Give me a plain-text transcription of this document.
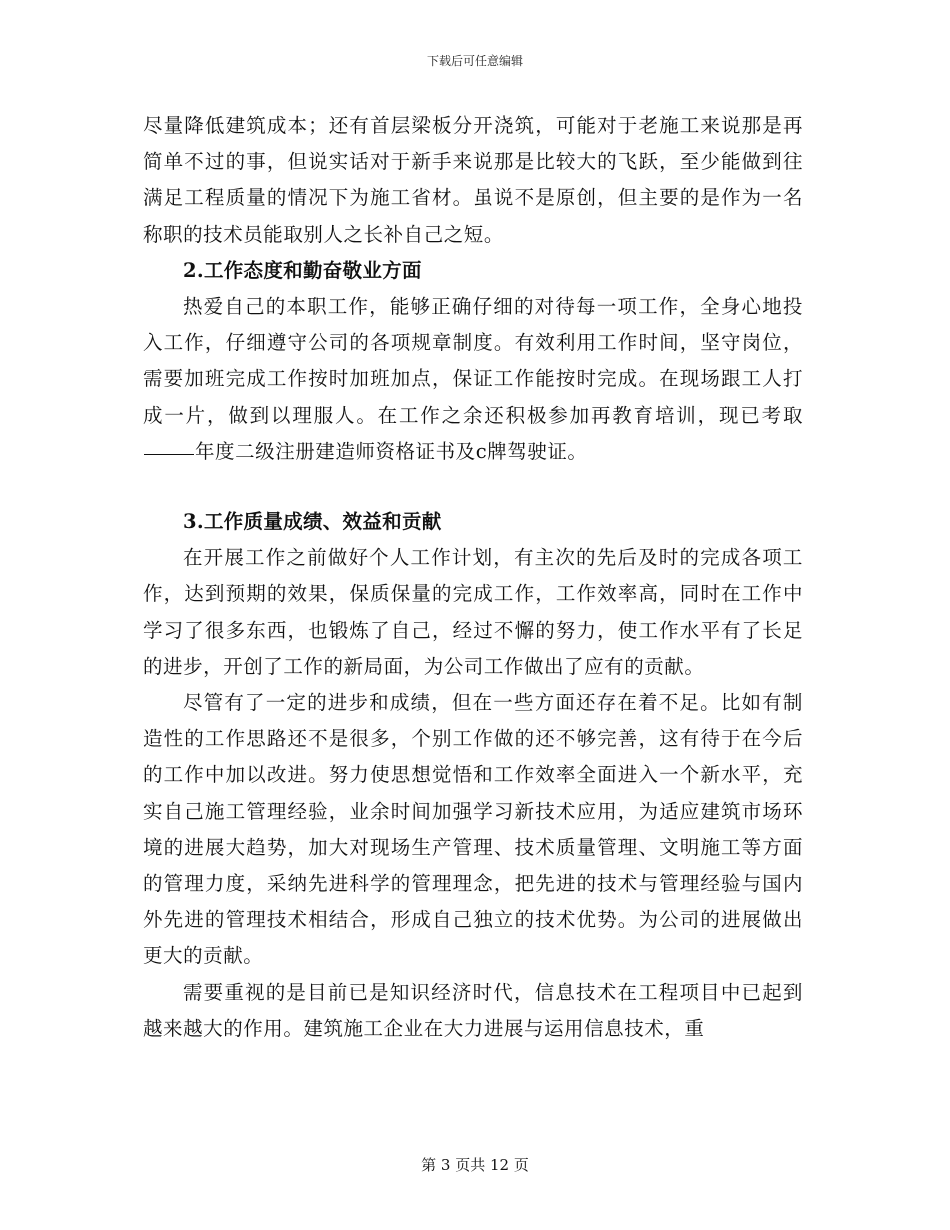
下载后可任意编辑

尽量降低建筑成本；还有首层梁板分开浇筑，可能对于老施工来说那是再简单不过的事，但说实话对于新手来说那是比较大的飞跃，至少能做到往满足工程质量的情况下为施工省材。虽说不是原创，但主要的是作为一名称职的技术员能取别人之长补自己之短。

2.工作态度和勤奋敬业方面

热爱自己的本职工作，能够正确仔细的对待每一项工作，全身心地投入工作，仔细遵守公司的各项规章制度。有效利用工作时间，坚守岗位，需要加班完成工作按时加班加点，保证工作能按时完成。在现场跟工人打成一片，做到以理服人。在工作之余还积极参加再教育培训，现已考取年度二级注册建造师资格证书及c牌驾驶证。

3.工作质量成绩、效益和贡献

在开展工作之前做好个人工作计划，有主次的先后及时的完成各项工作，达到预期的效果，保质保量的完成工作，工作效率高，同时在工作中学习了很多东西，也锻炼了自己，经过不懈的努力，使工作水平有了长足的进步，开创了工作的新局面，为公司工作做出了应有的贡献。

尽管有了一定的进步和成绩，但在一些方面还存在着不足。比如有制造性的工作思路还不是很多，个别工作做的还不够完善，这有待于在今后的工作中加以改进。努力使思想觉悟和工作效率全面进入一个新水平，充实自己施工管理经验，业余时间加强学习新技术应用，为适应建筑市场环境的进展大趋势，加大对现场生产管理、技术质量管理、文明施工等方面的管理力度，采纳先进科学的管理理念，把先进的技术与管理经验与国内外先进的管理技术相结合，形成自己独立的技术优势。为公司的进展做出更大的贡献。

需要重视的是目前已是知识经济时代，信息技术在工程项目中已起到越来越大的作用。建筑施工企业在大力进展与运用信息技术，重

第 3 页共 12 页
